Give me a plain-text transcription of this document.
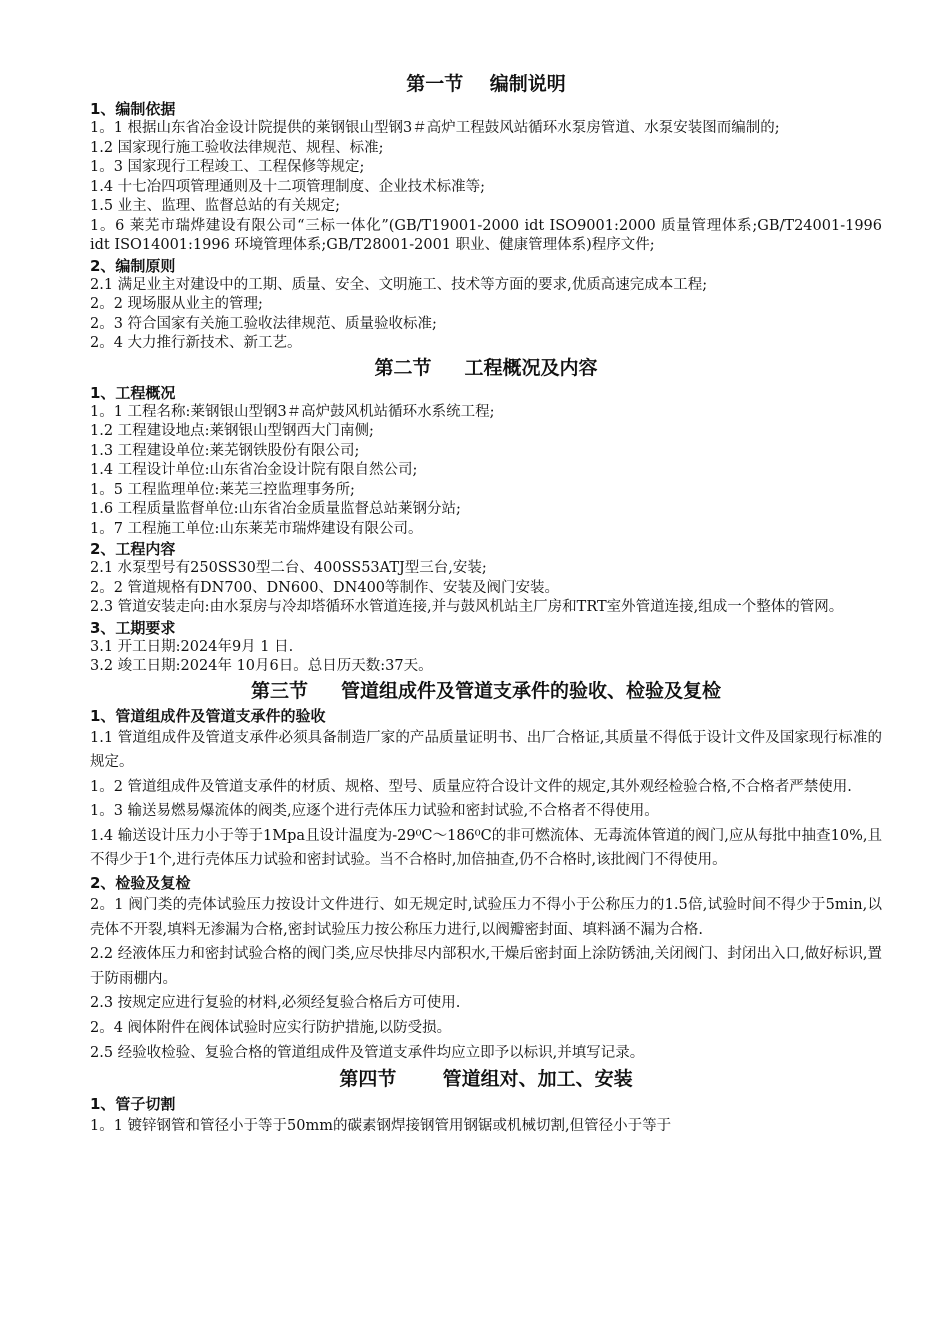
第一节    编制说明
1、编制依据

1。1 根据山东省冶金设计院提供的莱钢银山型钢3＃高炉工程鼓风站循环水泵房管道、水泵安装图而编制的;

1.2 国家现行施工验收法律规范、规程、标准;

1。3 国家现行工程竣工、工程保修等规定;

1.4 十七冶四项管理通则及十二项管理制度、企业技术标准等;

1.5 业主、监理、监督总站的有关规定;

1。6 莱芜市瑞烨建设有限公司“三标一体化”(GB/T19001-2000 idt ISO9001:2000 质量管理体系;GB/T24001-1996 idt ISO14001:1996 环境管理体系;GB/T28001-2001 职业、健康管理体系)程序文件;

2、编制原则

2.1 满足业主对建设中的工期、质量、安全、文明施工、技术等方面的要求,优质高速完成本工程;

2。2 现场服从业主的管理;

2。3 符合国家有关施工验收法律规范、质量验收标准;

2。4 大力推行新技术、新工艺。

第二节     工程概况及内容
1、工程概况

1。1 工程名称:莱钢银山型钢3＃高炉鼓风机站循环水系统工程;

1.2 工程建设地点:莱钢银山型钢西大门南侧;

1.3 工程建设单位:莱芜钢铁股份有限公司;

1.4 工程设计单位:山东省冶金设计院有限自然公司;

1。5 工程监理单位:莱芜三控监理事务所;

1.6 工程质量监督单位:山东省冶金质量监督总站莱钢分站;

1。7 工程施工单位:山东莱芜市瑞烨建设有限公司。

2、工程内容

2.1 水泵型号有250SS30型二台、400SS53ATJ型三台,安装;

2。2 管道规格有DN700、DN600、DN400等制作、安装及阀门安装。

2.3 管道安装走向:由水泵房与冷却塔循环水管道连接,并与鼓风机站主厂房和TRT室外管道连接,组成一个整体的管网。

3、工期要求

3.1 开工日期:2024年9月 1 日.

3.2 竣工日期:2024年 10月6日。总日历天数:37天。

第三节     管道组成件及管道支承件的验收、检验及复检
1、管道组成件及管道支承件的验收

1.1 管道组成件及管道支承件必须具备制造厂家的产品质量证明书、出厂合格证,其质量不得低于设计文件及国家现行标准的规定。

1。2 管道组成件及管道支承件的材质、规格、型号、质量应符合设计文件的规定,其外观经检验合格,不合格者严禁使用.

1。3 输送易燃易爆流体的阀类,应逐个进行壳体压力试验和密封试验,不合格者不得使用。

1.4 输送设计压力小于等于1Mpa且设计温度为-29⁰C～186⁰C的非可燃流体、无毒流体管道的阀门,应从每批中抽查10%,且不得少于1个,进行壳体压力试验和密封试验。当不合格时,加倍抽查,仍不合格时,该批阀门不得使用。

2、检验及复检

2。1 阀门类的壳体试验压力按设计文件进行、如无规定时,试验压力不得小于公称压力的1.5倍,试验时间不得少于5min,以壳体不开裂,填料无渗漏为合格,密封试验压力按公称压力进行,以阀瓣密封面、填料涵不漏为合格.

2.2 经液体压力和密封试验合格的阀门类,应尽快排尽内部积水,干燥后密封面上涂防锈油,关闭阀门、封闭出入口,做好标识,置于防雨棚内。

2.3 按规定应进行复验的材料,必须经复验合格后方可使用.

2。4 阀体附件在阀体试验时应实行防护措施,以防受损。

2.5 经验收检验、复验合格的管道组成件及管道支承件均应立即予以标识,并填写记录。

第四节       管道组对、加工、安装
1、管子切割

1。1 镀锌钢管和管径小于等于50mm的碳素钢焊接钢管用钢锯或机械切割,但管径小于等于
